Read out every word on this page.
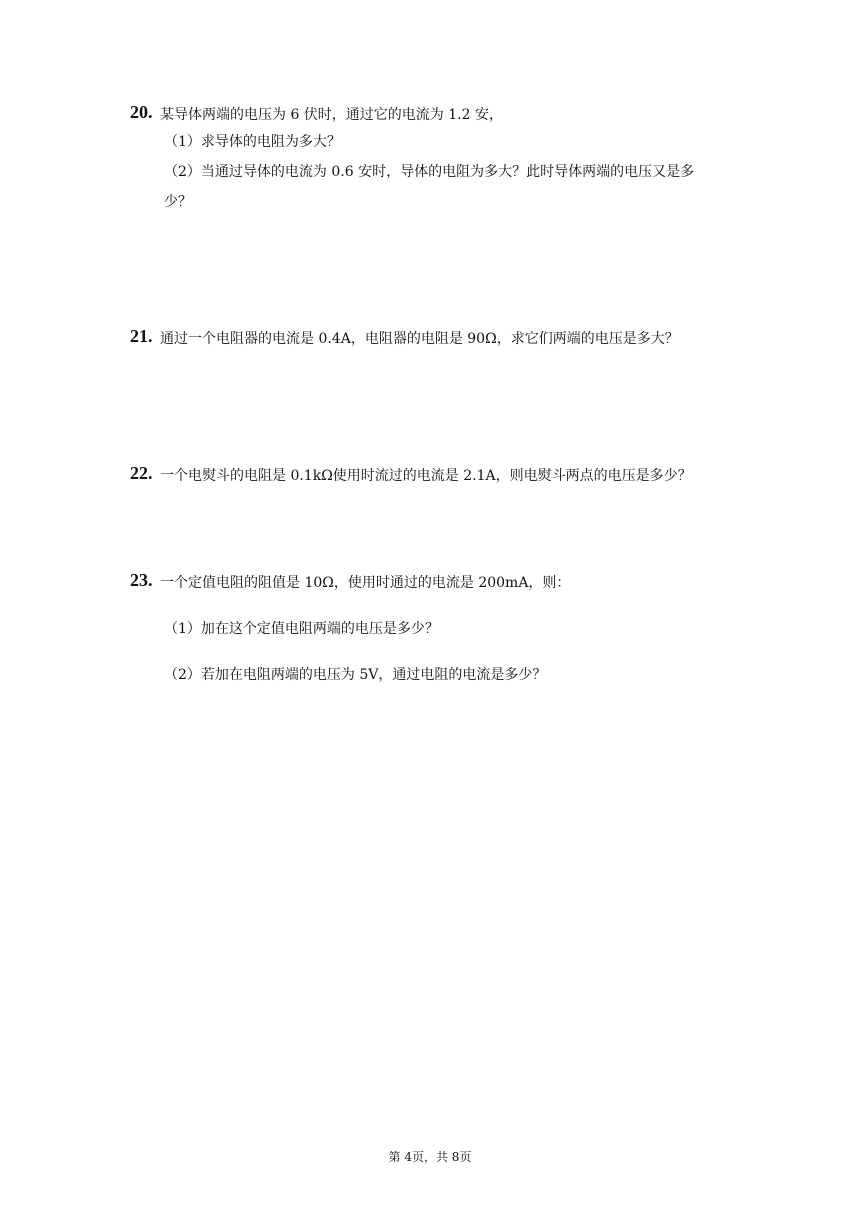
20. 某导体两端的电压为 6 伏时，通过它的电流为 1.2 安，
（1）求导体的电阻为多大？
（2）当通过导体的电流为 0.6 安时，导体的电阻为多大？此时导体两端的电压又是多
少？
21. 通过一个电阻器的电流是 0.4A，电阻器的电阻是 90Ω，求它们两端的电压是多大？
22. 一个电熨斗的电阻是 0.1kΩ使用时流过的电流是 2.1A，则电熨斗两点的电压是多少？
23. 一个定值电阻的阻值是 10Ω，使用时通过的电流是 200mA，则：
（1）加在这个定值电阻两端的电压是多少？
（2）若加在电阻两端的电压为 5V，通过电阻的电流是多少？
第 4页，共 8页
